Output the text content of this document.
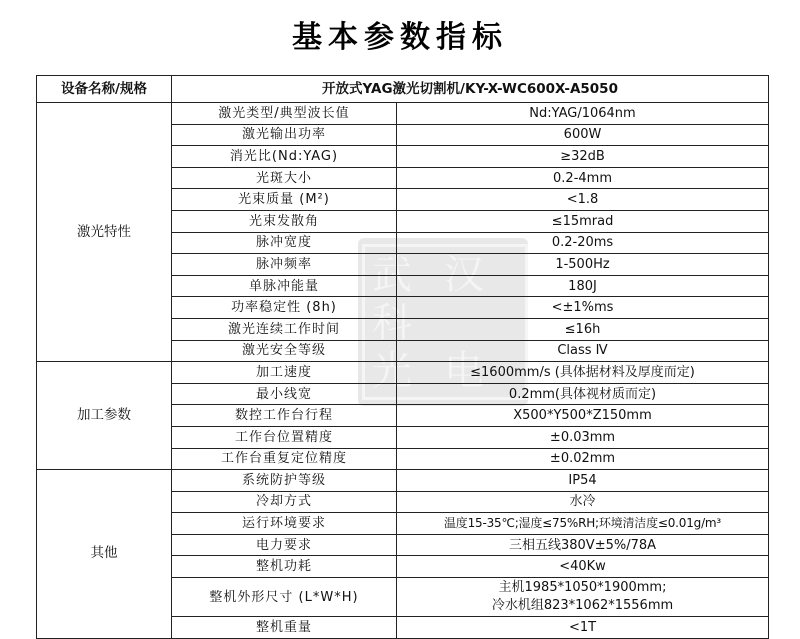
基本参数指标
武 汉
科
光 电
设备名称/规格	开放式YAG激光切割机/KY-X-WC600X-A5050	
激光特性	激光类型/典型波长值	Nd:YAG/1064nm
	激光输出功率	600W
	消光比(Nd:YAG)	≥32dB
	光斑大小	0.2-4mm
	光束质量 (M²)	<1.8
	光束发散角	≤15mrad
	脉冲宽度	0.2-20ms
	脉冲频率	1-500Hz
	单脉冲能量	180J
	功率稳定性 (8h)	<±1%ms
	激光连续工作时间	≤16h
	激光安全等级	Class Ⅳ
加工参数	加工速度	≤1600mm/s (具体据材料及厚度而定)
	最小线宽	0.2mm(具体视材质而定)
	数控工作台行程	X500*Y500*Z150mm
	工作台位置精度	±0.03mm
	工作台重复定位精度	±0.02mm
其他	系统防护等级	IP54
	冷却方式	水冷
	运行环境要求	温度15-35℃;湿度≤75%RH;环境清洁度≤0.01g/m³
	电力要求	三相五线380V±5%/78A
	整机功耗	<40Kw
	整机外形尺寸 (L*W*H)	主机1985*1050*1900mm;
冷水机组823*1062*1556mm

	整机重量	<1T
